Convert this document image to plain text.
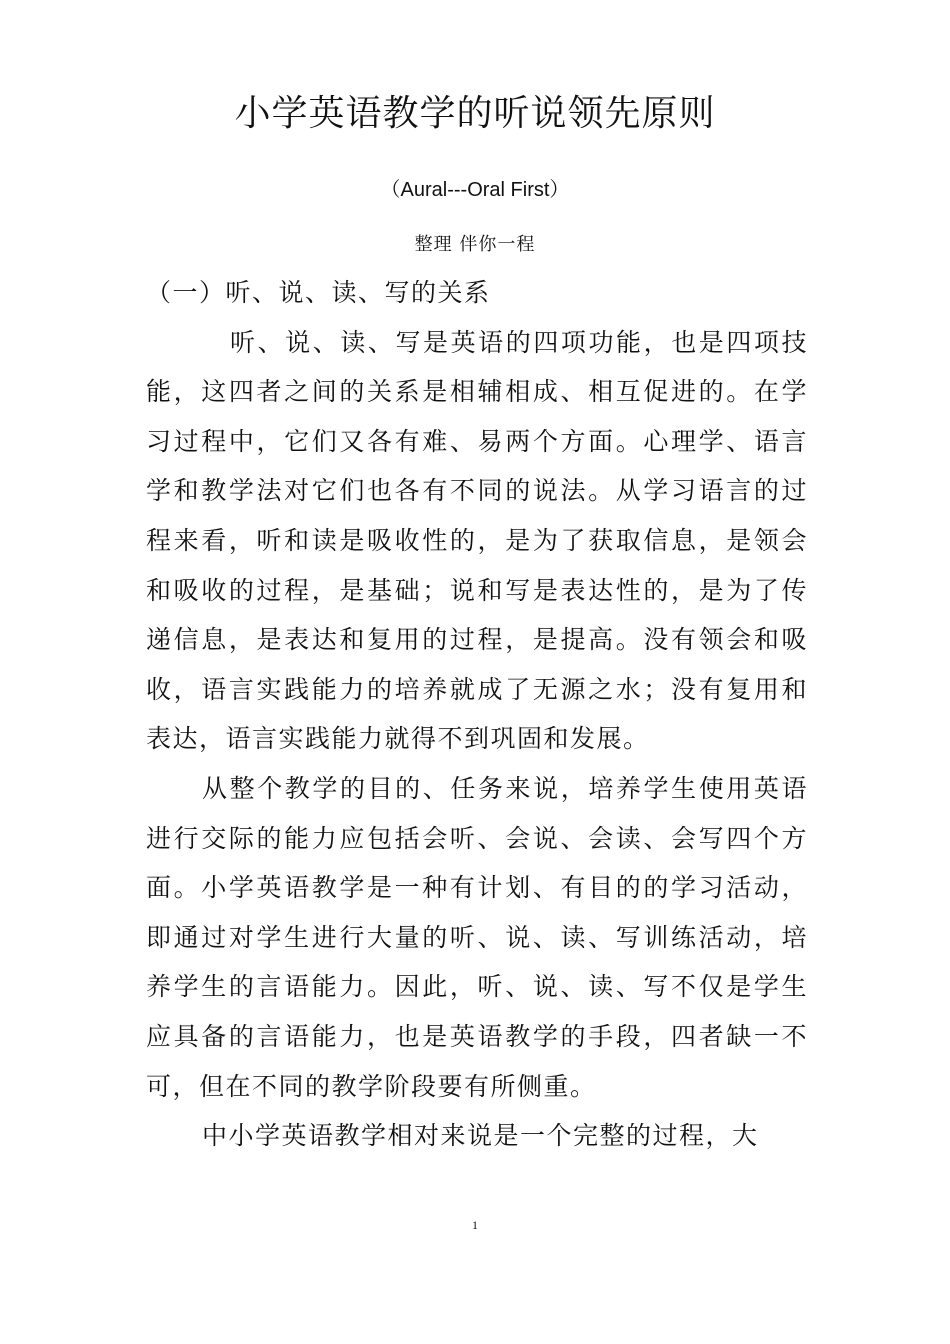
小学英语教学的听说领先原则
（Aural---Oral First）
整理 伴你一程

（一）听、说、读、写的关系

听、说、读、写是英语的四项功能，也是四项技能，这四者之间的关系是相辅相成、相互促进的。在学习过程中，它们又各有难、易两个方面。心理学、语言学和教学法对它们也各有不同的说法。从学习语言的过程来看，听和读是吸收性的，是为了获取信息，是领会和吸收的过程，是基础；说和写是表达性的，是为了传递信息，是表达和复用的过程，是提高。没有领会和吸收，语言实践能力的培养就成了无源之水；没有复用和表达，语言实践能力就得不到巩固和发展。

从整个教学的目的、任务来说，培养学生使用英语进行交际的能力应包括会听、会说、会读、会写四个方面。小学英语教学是一种有计划、有目的的学习活动，即通过对学生进行大量的听、说、读、写训练活动，培养学生的言语能力。因此，听、说、读、写不仅是学生应具备的言语能力，也是英语教学的手段，四者缺一不可，但在不同的教学阶段要有所侧重。

中小学英语教学相对来说是一个完整的过程，大

1
